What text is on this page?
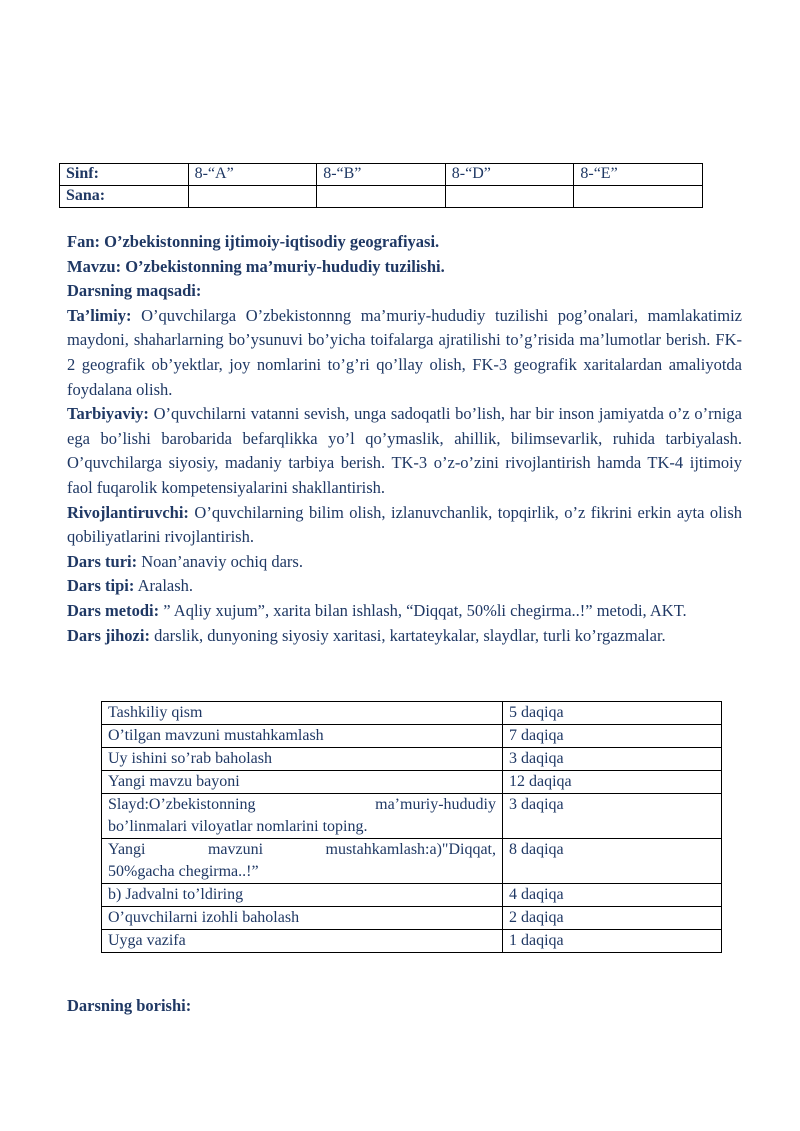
Sinf:	8-“A”	8-“B”	8-“D”	8-“E”
Sana:				

Fan: O’zbekistonning ijtimoiy-iqtisodiy geografiyasi.

Mavzu: O’zbekistonning ma’muriy-hududiy tuzilishi.

Darsning maqsadi:

Ta’limiy: O’quvchilarga O’zbekistonnng ma’muriy-hududiy tuzilishi pog’onalari, mamlakatimiz maydoni, shaharlarning bo’ysunuvi bo’yicha toifalarga ajratilishi to’g’risida ma’lumotlar berish. FK-2 geografik ob’yektlar, joy nomlarini to’g’ri qo’llay olish, FK-3 geografik xaritalardan amaliyotda foydalana olish.

Tarbiyaviy: O’quvchilarni vatanni sevish, unga sadoqatli bo’lish, har bir inson jamiyatda o’z o’rniga ega bo’lishi barobarida befarqlikka yo’l qo’ymaslik, ahillik, bilimsevarlik, ruhida tarbiyalash. O’quvchilarga siyosiy, madaniy tarbiya berish. TK-3 o’z-o’zini rivojlantirish hamda TK-4 ijtimoiy faol fuqarolik kompetensiyalarini shakllantirish.

Rivojlantiruvchi: O’quvchilarning bilim olish, izlanuvchanlik, topqirlik, o’z fikrini erkin ayta olish qobiliyatlarini rivojlantirish.

Dars turi: Noan’anaviy ochiq dars.

Dars tipi: Aralash.

Dars metodi: ” Aqliy xujum”, xarita bilan ishlash, “Diqqat, 50%li chegirma..!” metodi, AKT.

Dars jihozi: darslik, dunyoning siyosiy xaritasi, kartateykalar, slaydlar, turli ko’rgazmalar.

Tashkiliy qism	5 daqiqa
O’tilgan mavzuni mustahkamlash	7 daqiqa
Uy ishini so’rab baholash	3 daqiqa
Yangi mavzu bayoni	12 daqiqa

Slayd:O’zbekistonning ma’muriy-hududiy
bo’linmalari viloyatlar nomlarini toping.	3 daqiqa

Yangi mavzuni mustahkamlash:a)"Diqqat,
50%gacha chegirma..!”	8 daqiqa
b) Jadvalni to’ldiring	4 daqiqa
O’quvchilarni izohli baholash	2 daqiqa
Uyga vazifa	1 daqiqa
Darsning borishi:
